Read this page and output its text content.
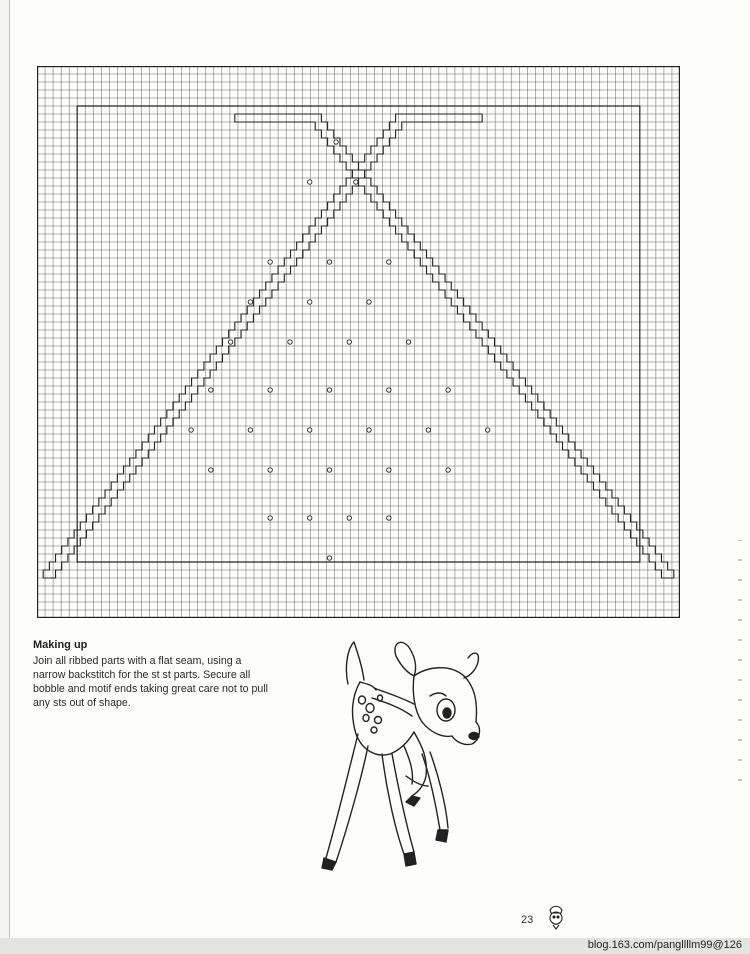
Making up
Join all ribbed parts with a flat seam, using a narrow backstitch for the st st parts. Secure all bobble and motif ends taking great care not to pull any sts out of shape.
23
blog.163.com/pangllllm99@126
